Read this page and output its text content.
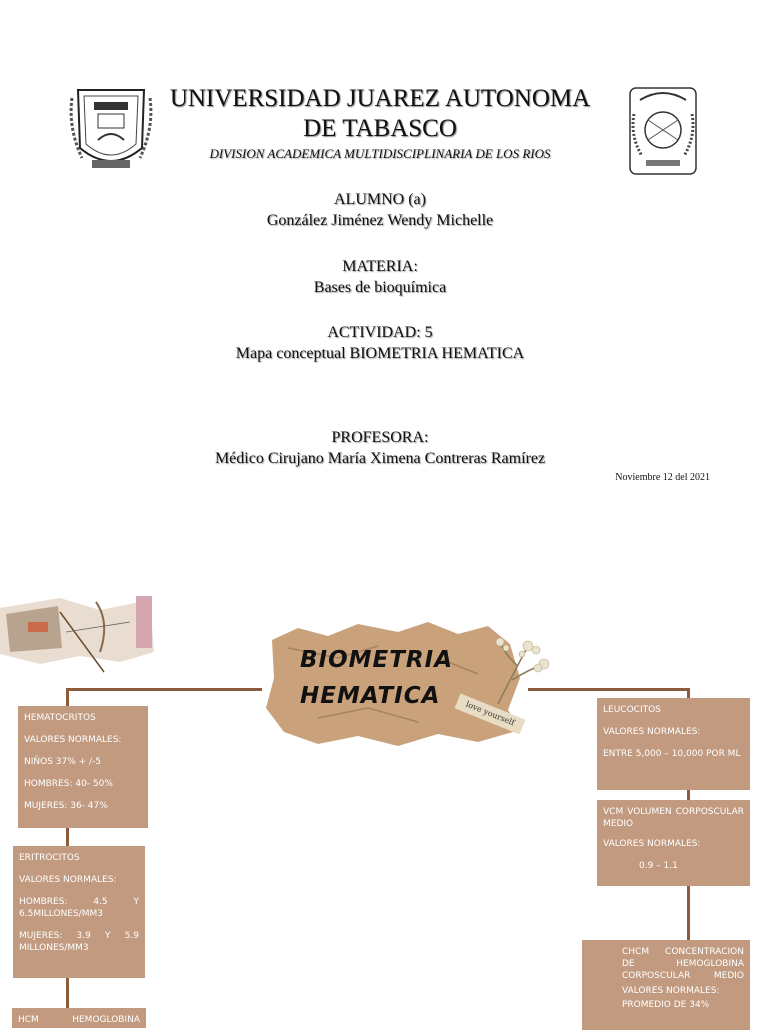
UNIVERSIDAD JUAREZ AUTONOMA
DE TABASCO
DIVISION ACADEMICA MULTIDISCIPLINARIA DE LOS RIOS
ALUMNO (a)
González Jiménez Wendy Michelle
MATERIA:
Bases de bioquímica
ACTIVIDAD: 5
Mapa conceptual BIOMETRIA HEMATICA
PROFESORA:
Médico Cirujano María Ximena Contreras Ramírez
Noviembre 12 del 2021
BIOMETRIA
HEMATICA
love yourself

HEMATOCRITOS

VALORES NORMALES:

NIÑOS 37% + /-5

HOMBRES: 40- 50%

MUJERES: 36- 47%

ERITROCITOS

VALORES NORMALES:

HOMBRES: 4.5 Y 6.5MILLONES/MM3

MUJERES: 3.9 Y 5.9 MILLONES/MM3

HCM HEMOGLOBINA

LEUCOCITOS

VALORES NORMALES:

ENTRE 5,000 – 10,000 POR ML

VCM VOLUMEN CORPOSCULAR MEDIO

VALORES NORMALES:

0.9 – 1.1

CHCM CONCENTRACION DE HEMOGLOBINA CORPOSCULAR MEDIO

VALORES NORMALES:

PROMEDIO DE 34%
